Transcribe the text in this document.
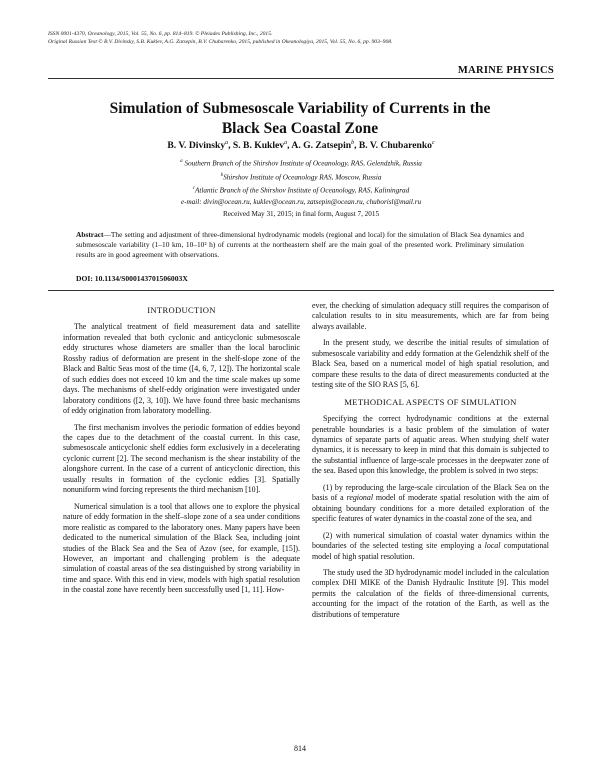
ISSN 0001-4370, Oceanology, 2015, Vol. 55, No. 6, pp. 814–819. © Pleiades Publishing, Inc., 2015.
Original Russian Text © B.V. Divinsky, S.B. Kuklev, A.G. Zatsepin, B.V. Chubarenko, 2015, published in Okeanologiya, 2015, Vol. 55, No. 6, pp. 903–908.
MARINE PHYSICS
Simulation of Submesoscale Variability of Currents in the Black Sea Coastal Zone
B. V. Divinsky$^a$, S. B. Kuklev$^a$, A. G. Zatsepin$^b$, B. V. Chubarenko$^c$
$^a$ Southern Branch of the Shirshov Institute of Oceanology, RAS, Gelendzhik, Russia
$^b$Shirshov Institute of Oceanology RAS, Moscow, Russia
$^c$Atlantic Branch of the Shirshov Institute of Oceanology, RAS, Kaliningrad
e-mail: divin@ocean.ru, kuklev@ocean.ru, zatsepin@ocean.ru, chuborisl@mail.ru
Received May 31, 2015; in final form, August 7, 2015
Abstract—The setting and adjustment of three-dimensional hydrodynamic models (regional and local) for the simulation of Black Sea dynamics and submesoscale variability (1–10 km, 10–10² h) of currents at the northeastern shelf are the main goal of the presented work. Preliminary simulation results are in good agreement with observations.
DOI: 10.1134/S000143701506003X
INTRODUCTION

The analytical treatment of field measurement data and satellite information revealed that both cyclonic and anticyclonic submesoscale eddy structures whose diameters are smaller than the local baroclinic Rossby radius of deformation are present in the shelf-slope zone of the Black and Baltic Seas most of the time ([4, 6, 7, 12]). The horizontal scale of such eddies does not exceed 10 km and the time scale makes up some days. The mechanisms of shelf-eddy origination were investigated under laboratory conditions ([2, 3, 10]). We have found three basic mechanisms of eddy origination from laboratory modelling.

The first mechanism involves the periodic formation of eddies beyond the capes due to the detachment of the coastal current. In this case, submesoscale anticyclonic shelf eddies form exclusively in a decelerating cyclonic current [2]. The second mechanism is the shear instability of the alongshore current. In the case of a current of anticyclonic direction, this usually results in formation of the cyclonic eddies [3]. Spatially nonuniform wind forcing represents the third mechanism [10].

Numerical simulation is a tool that allows one to explore the physical nature of eddy formation in the shelf–slope zone of a sea under conditions more realistic as compared to the laboratory ones. Many papers have been dedicated to the numerical simulation of the Black Sea, including joint studies of the Black Sea and the Sea of Azov (see, for example, [15]). However, an important and challenging problem is the adequate simulation of coastal areas of the sea distinguished by strong variability in time and space. With this end in view, models with high spatial resolution in the coastal zone have recently been successfully used [1, 11]. How-

ever, the checking of simulation adequacy still requires the comparison of calculation results to in situ measurements, which are far from being always available.

In the present study, we describe the initial results of simulation of submesoscale variability and eddy formation at the Gelendzhik shelf of the Black Sea, based on a numerical model of high spatial resolution, and compare these results to the data of direct measurements conducted at the testing site of the SIO RAS [5, 6].

METHODICAL ASPECTS OF SIMULATION

Specifying the correct hydrodynamic conditions at the external penetrable boundaries is a basic problem of the simulation of water dynamics of separate parts of aquatic areas. When studying shelf water dynamics, it is necessary to keep in mind that this domain is subjected to the substantial influence of large-scale processes in the deepwater zone of the sea. Based upon this knowledge, the problem is solved in two steps:

(1) by reproducing the large-scale circulation of the Black Sea on the basis of a regional model of moderate spatial resolution with the aim of obtaining boundary conditions for a more detailed exploration of the specific features of water dynamics in the coastal zone of the sea, and

(2) with numerical simulation of coastal water dynamics within the boundaries of the selected testing site employing a local computational model of high spatial resolution.

The study used the 3D hydrodynamic model included in the calculation complex DHI MIKE of the Danish Hydraulic Institute [9]. This model permits the calculation of the fields of three-dimensional currents, accounting for the impact of the rotation of the Earth, as well as the distributions of temperature

814
